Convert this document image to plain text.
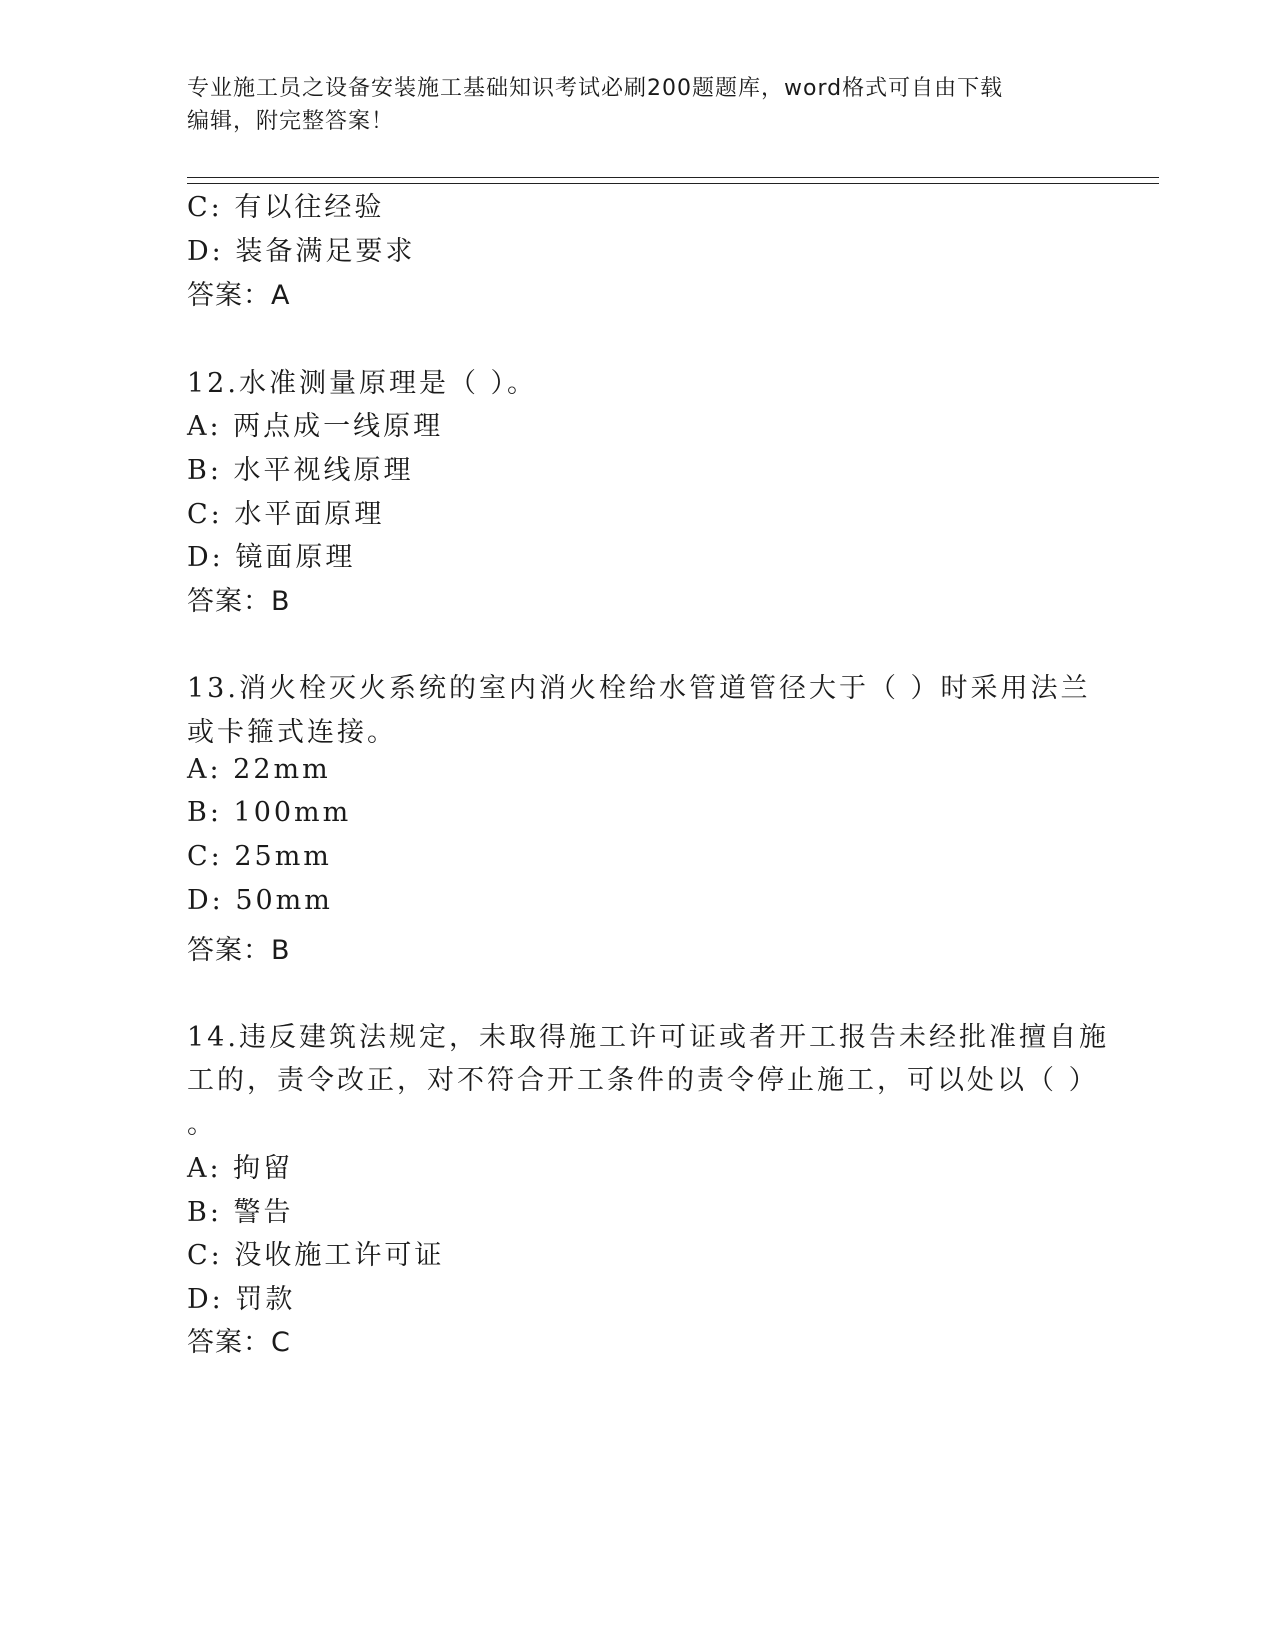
专业施工员之设备安装施工基础知识考试必刷200题题库，word格式可自由下载
编辑，附完整答案！
C: 有以往经验
D: 装备满足要求
答案：A
12.水准测量原理是（ ）。
A: 两点成一线原理
B: 水平视线原理
C: 水平面原理
D: 镜面原理
答案：B
13.消火栓灭火系统的室内消火栓给水管道管径大于（ ）时采用法兰
或卡箍式连接。
A: 22mm
B: 100mm
C: 25mm
D: 50mm
答案：B
14.违反建筑法规定，未取得施工许可证或者开工报告未经批准擅自施
工的，责令改正，对不符合开工条件的责令停止施工，可以处以（ ）
。
A: 拘留
B: 警告
C: 没收施工许可证
D: 罚款
答案：C
